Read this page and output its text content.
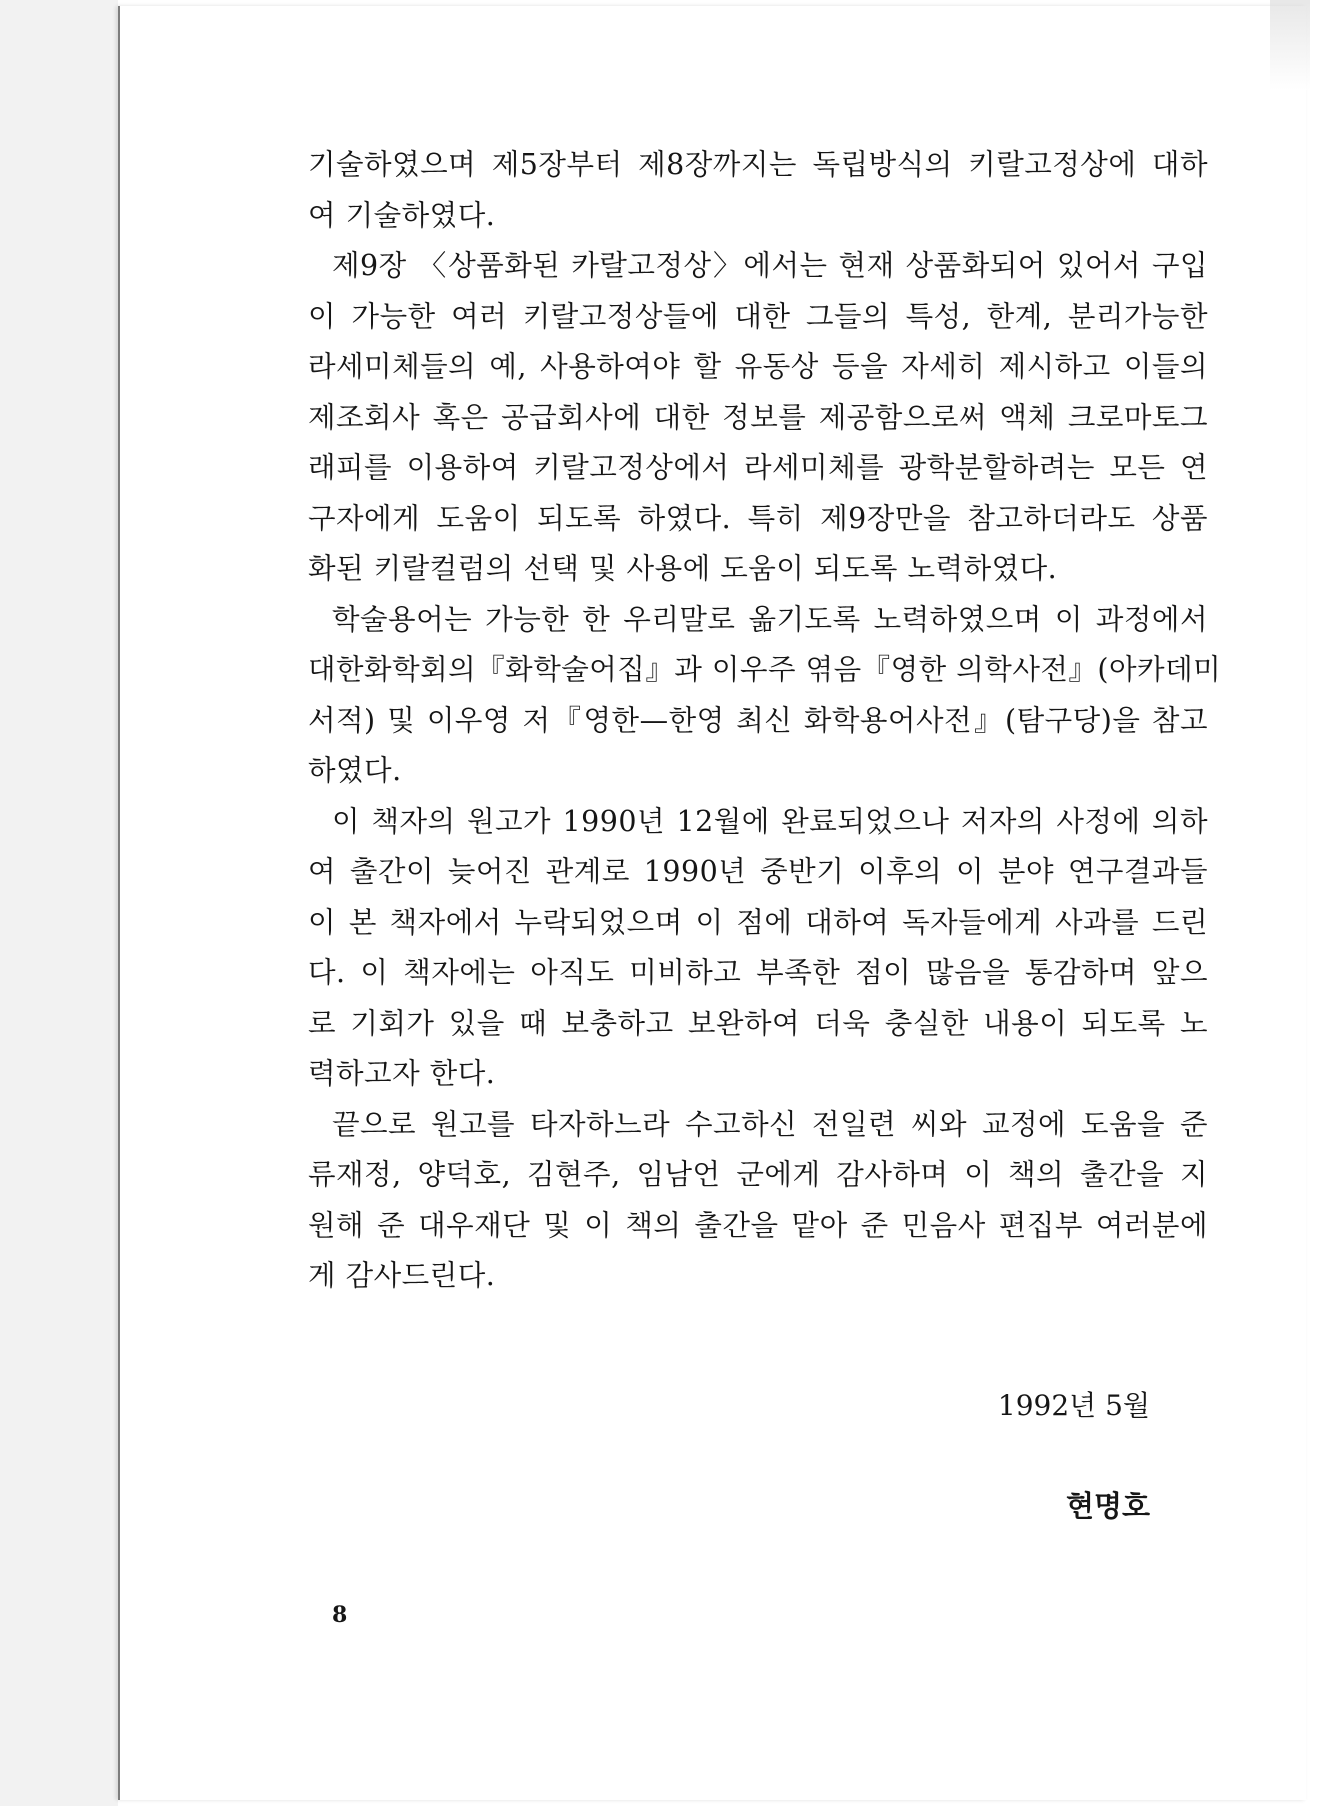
기술하였으며 제5장부터 제8장까지는 독립방식의 키랄고정상에 대하
여 기술하였다.
제9장 〈상품화된 카랄고정상〉에서는 현재 상품화되어 있어서 구입
이 가능한 여러 키랄고정상들에 대한 그들의 특성, 한계, 분리가능한
라세미체들의 예, 사용하여야 할 유동상 등을 자세히 제시하고 이들의
제조회사 혹은 공급회사에 대한 정보를 제공함으로써 액체 크로마토그
래피를 이용하여 키랄고정상에서 라세미체를 광학분할하려는 모든 연
구자에게 도움이 되도록 하였다. 특히 제9장만을 참고하더라도 상품
화된 키랄컬럼의 선택 및 사용에 도움이 되도록 노력하였다.
학술용어는 가능한 한 우리말로 옮기도록 노력하였으며 이 과정에서
대한화학회의『화학술어집』과 이우주 엮음『영한 의학사전』(아카데미
서적) 및 이우영 저『영한—한영 최신 화학용어사전』(탐구당)을 참고
하였다.
이 책자의 원고가 1990년 12월에 완료되었으나 저자의 사정에 의하
여 출간이 늦어진 관계로 1990년 중반기 이후의 이 분야 연구결과들
이 본 책자에서 누락되었으며 이 점에 대하여 독자들에게 사과를 드린
다. 이 책자에는 아직도 미비하고 부족한 점이 많음을 통감하며 앞으
로 기회가 있을 때 보충하고 보완하여 더욱 충실한 내용이 되도록 노
력하고자 한다.
끝으로 원고를 타자하느라 수고하신 전일련 씨와 교정에 도움을 준
류재정, 양덕호, 김현주, 임남언 군에게 감사하며 이 책의 출간을 지
원해 준 대우재단 및 이 책의 출간을 맡아 준 민음사 편집부 여러분에
게 감사드린다.
1992년 5월
현명호
8
